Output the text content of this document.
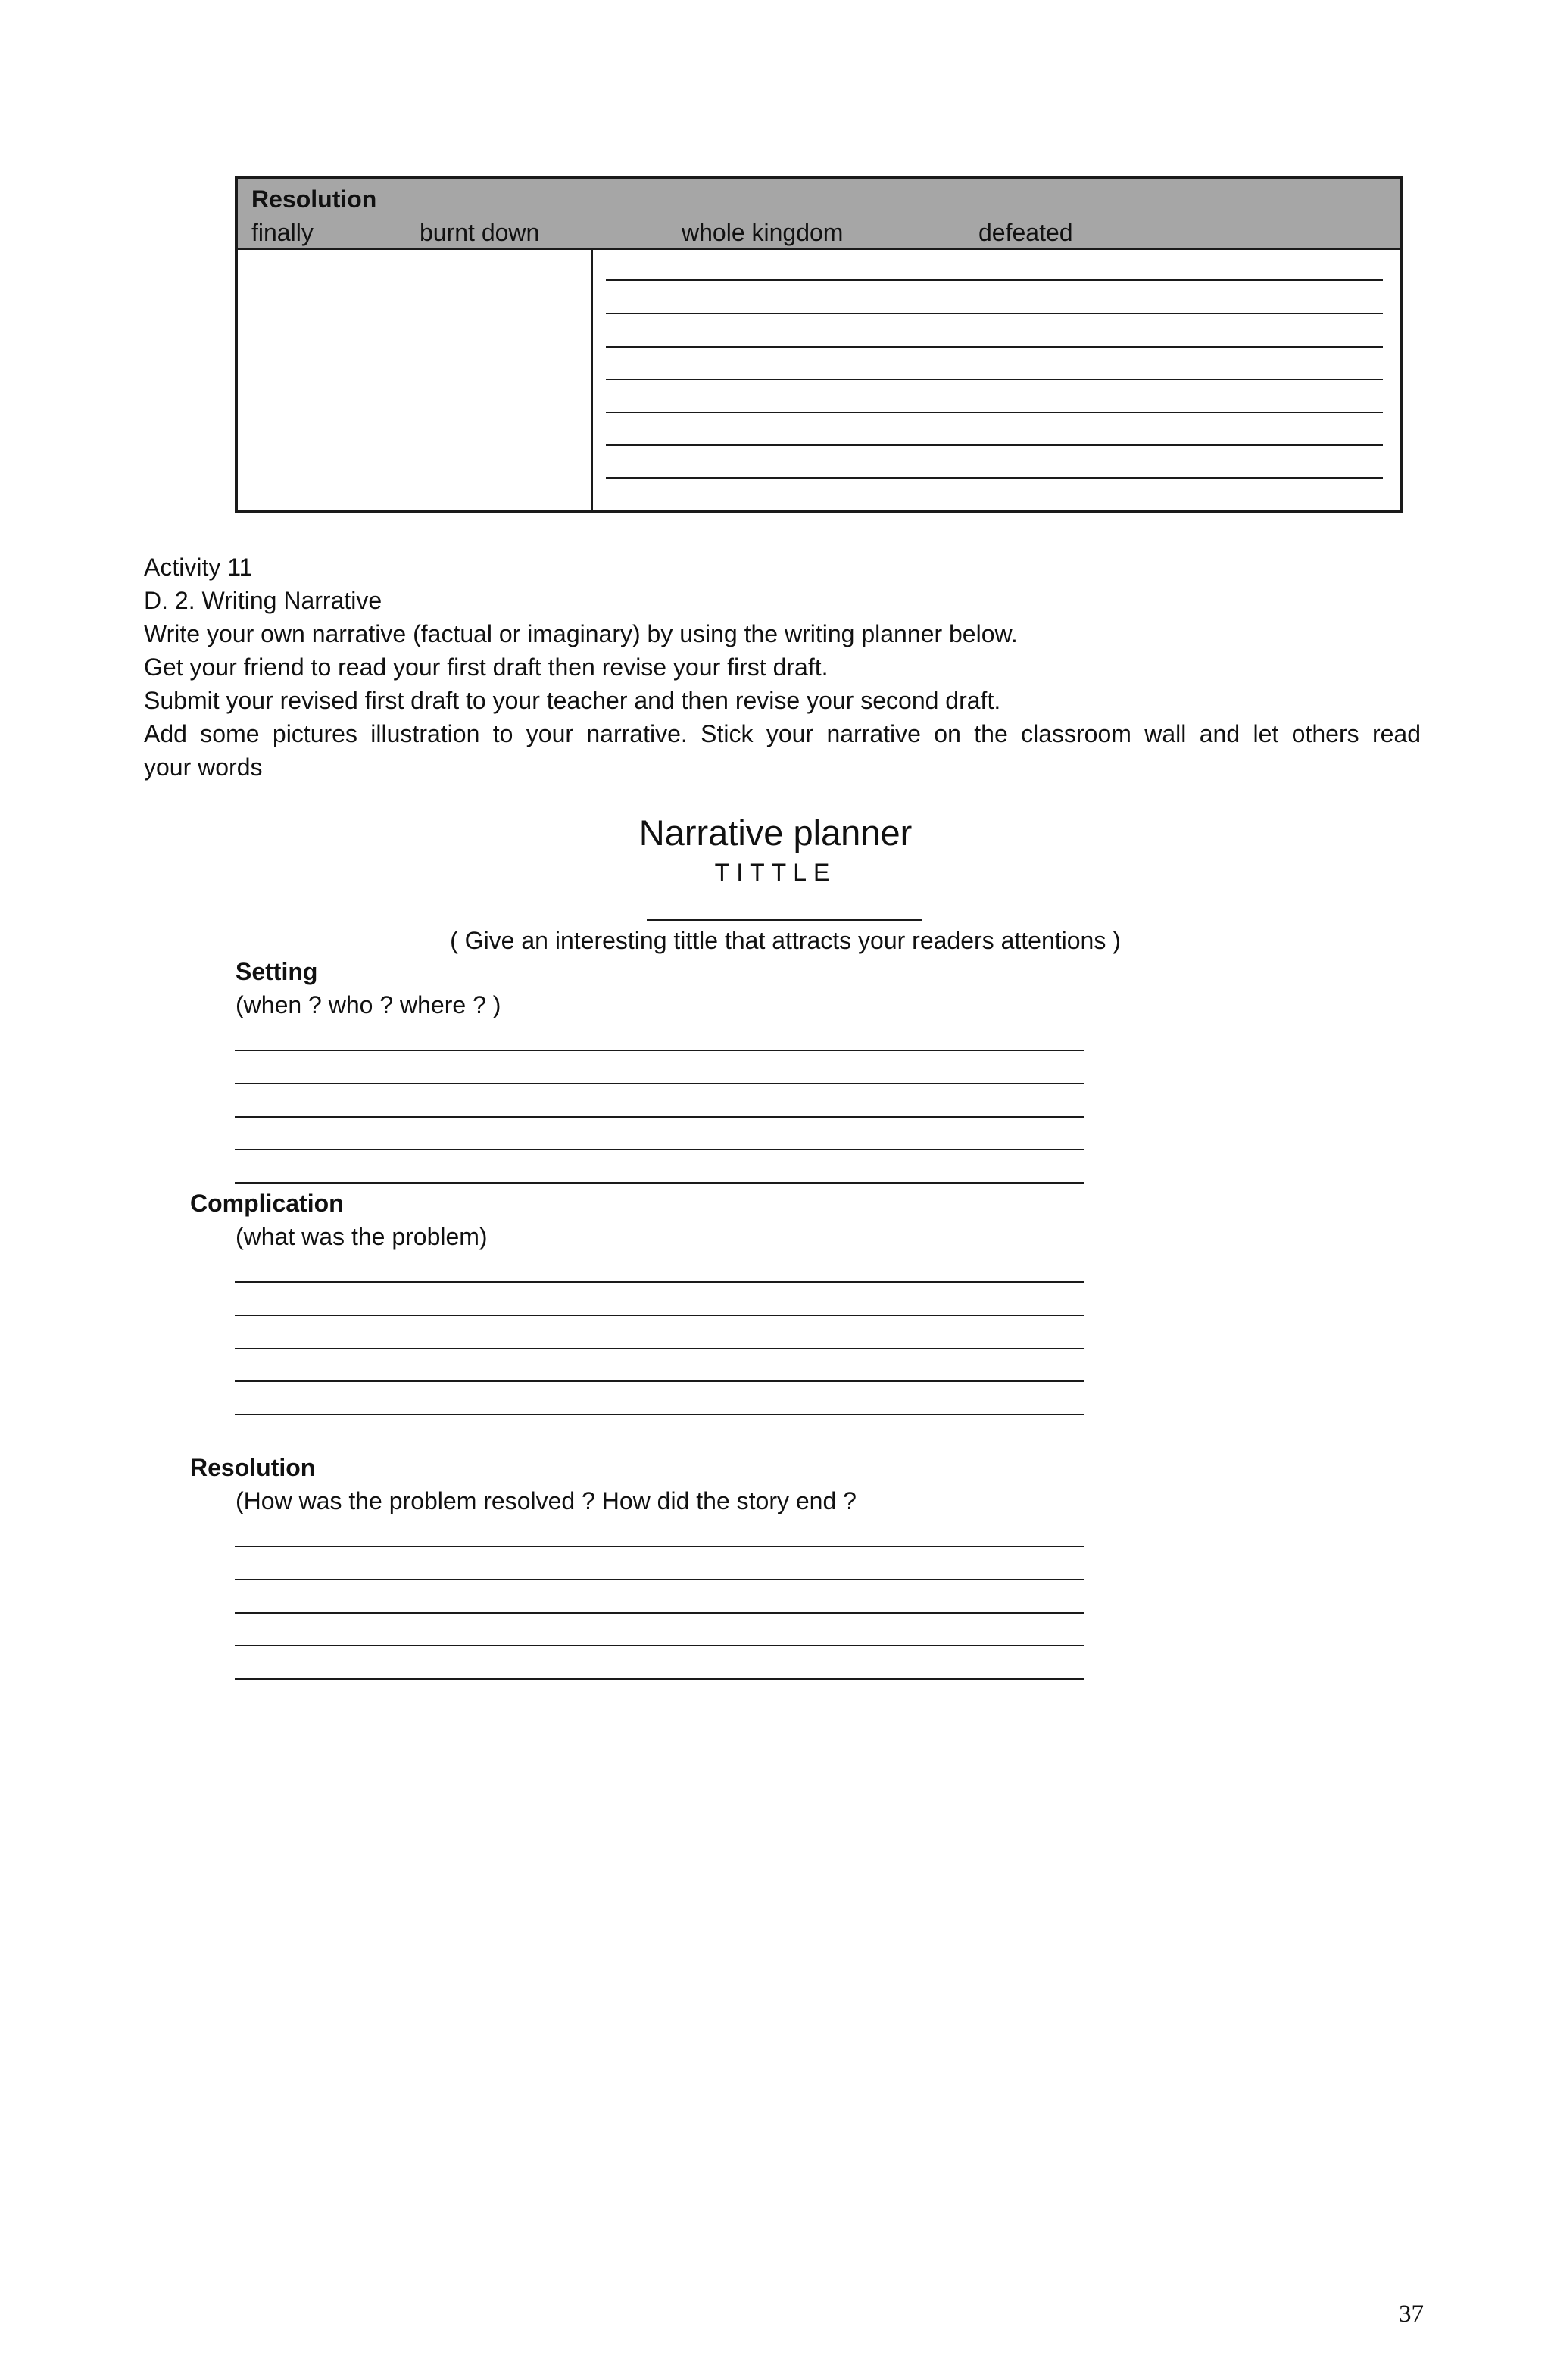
Resolution
finally	burnt down	whole kingdom	defeated
Activity 11
D. 2. Writing Narrative
Write your own narrative (factual or imaginary) by using the writing planner below.
Get your friend to read your first draft then revise your first draft.
Submit your revised first draft to your teacher and then revise your second draft.
Add some pictures illustration to your narrative. Stick your narrative on the classroom wall and let others read
your words
Narrative planner
TITTLE
( Give an interesting tittle that attracts your readers attentions )
Setting
(when ? who ? where ? )
Complication
(what was the problem)
Resolution
(How was the problem resolved ? How did the story end ?
37
